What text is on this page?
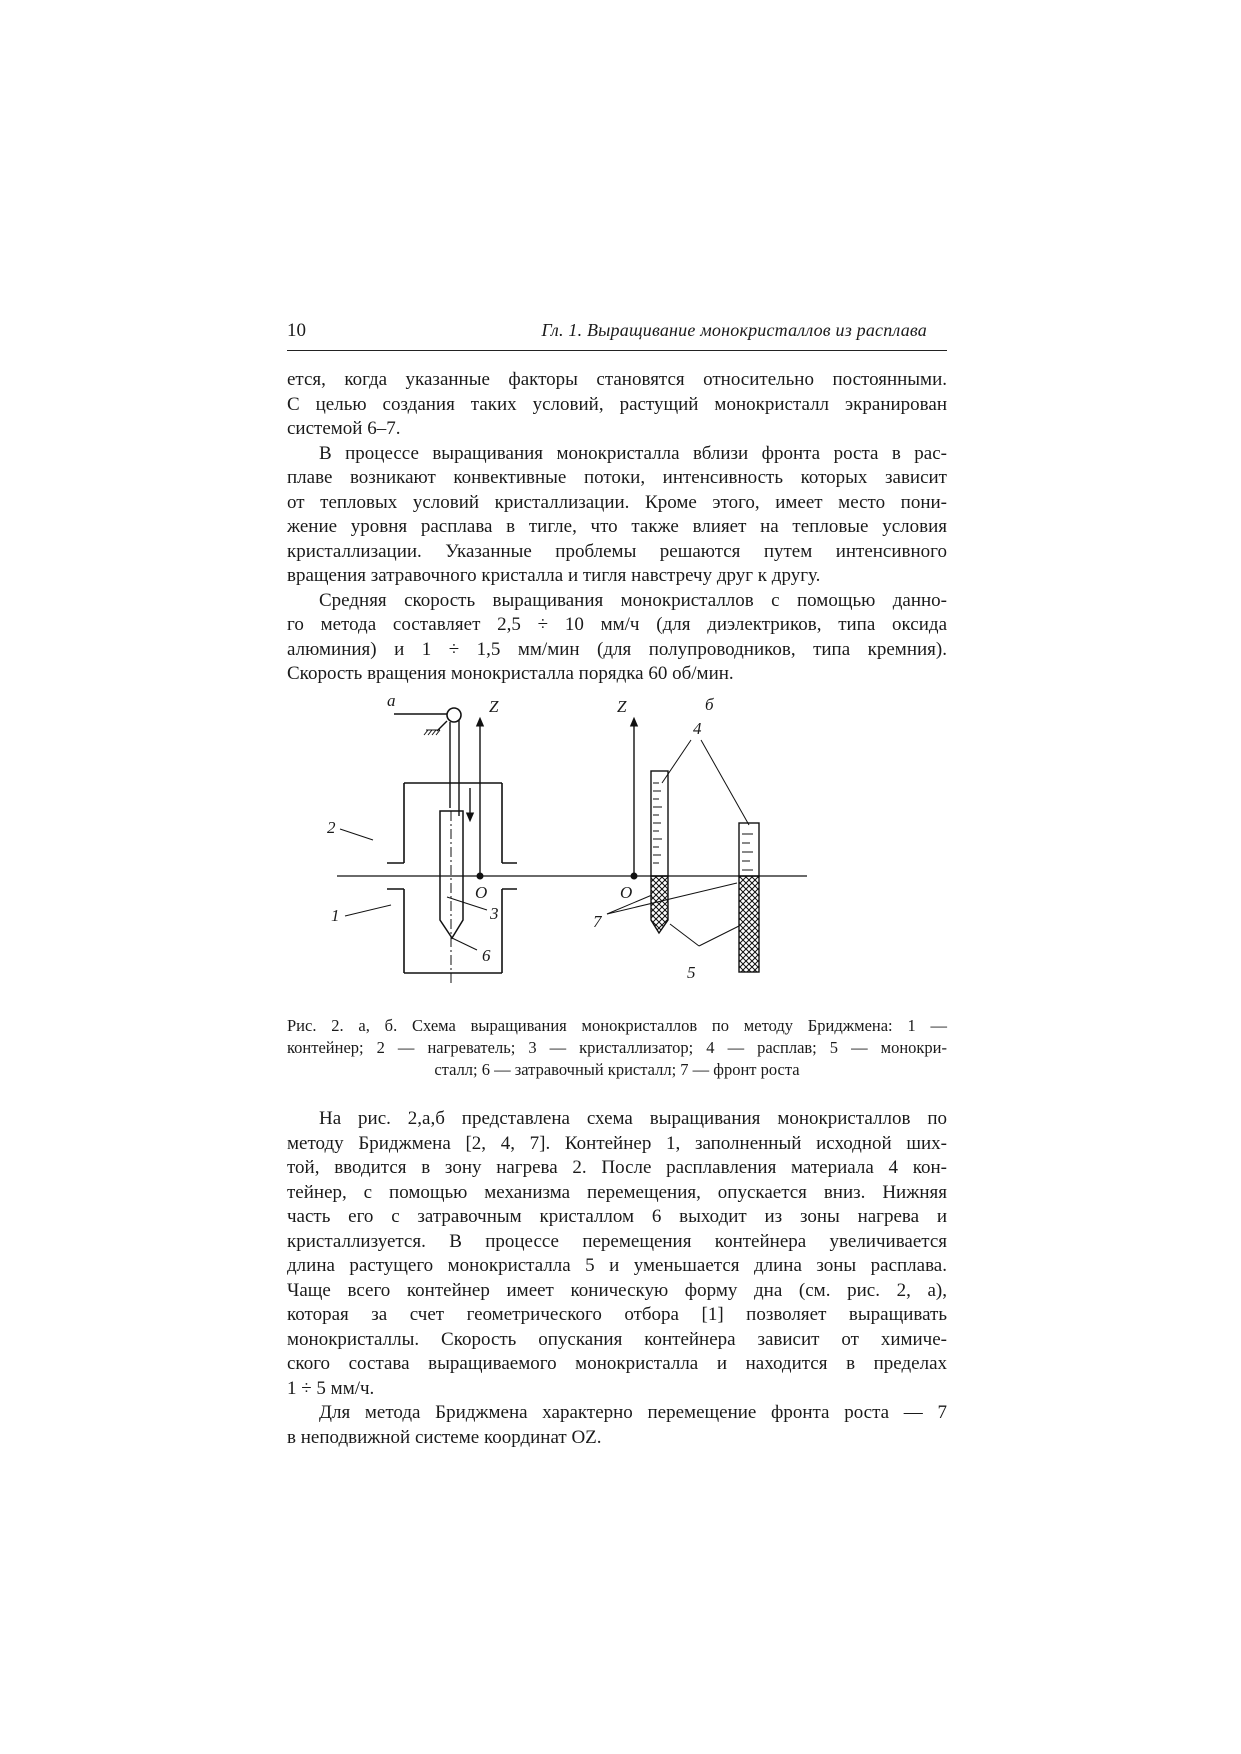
10	Гл. 1. Выращивание монокристаллов из расплава

ется, когда указанные факторы становятся относительно постоянными.
С целью создания таких условий, растущий монокристалл экранирован

системой 6–7.

В процессе выращивания монокристалла вблизи фронта роста в рас-
плаве возникают конвективные потоки, интенсивность которых зависит
от тепловых условий кристаллизации. Кроме этого, имеет место пони-
жение уровня расплава в тигле, что также влияет на тепловые условия
кристаллизации. Указанные проблемы решаются путем интенсивного

вращения затравочного кристалла и тигля навстречу друг к другу.

Средняя скорость выращивания монокристаллов с помощью данно-
го метода составляет 2,5 ÷ 10 мм/ч (для диэлектриков, типа оксида
алюминия) и 1 ÷ 1,5 мм/мин (для полупроводников, типа кремния).

Скорость вращения монокристалла порядка 60 об/мин.

а	Z	Z	б
O	O
2
1	3
6
4
7
5
Рис. 2. а, б. Схема выращивания монокристаллов по методу Бриджмена: 1 —
контейнер; 2 — нагреватель; 3 — кристаллизатор; 4 — расплав; 5 — монокри-
сталл; 6 — затравочный кристалл; 7 — фронт роста

На рис. 2,а,б представлена схема выращивания монокристаллов по
методу Бриджмена [2, 4, 7]. Контейнер 1, заполненный исходной ших-
той, вводится в зону нагрева 2. После расплавления материала 4 кон-
тейнер, с помощью механизма перемещения, опускается вниз. Нижняя
часть его с затравочным кристаллом 6 выходит из зоны нагрева и
кристаллизуется. В процессе перемещения контейнера увеличивается
длина растущего монокристалла 5 и уменьшается длина зоны расплава.
Чаще всего контейнер имеет коническую форму дна (см. рис. 2, а),
которая за счет геометрического отбора [1] позволяет выращивать
монокристаллы. Скорость опускания контейнера зависит от химиче-
ского состава выращиваемого монокристалла и находится в пределах

1 ÷ 5 мм/ч.

Для метода Бриджмена характерно перемещение фронта роста — 7

в неподвижной системе координат OZ.
